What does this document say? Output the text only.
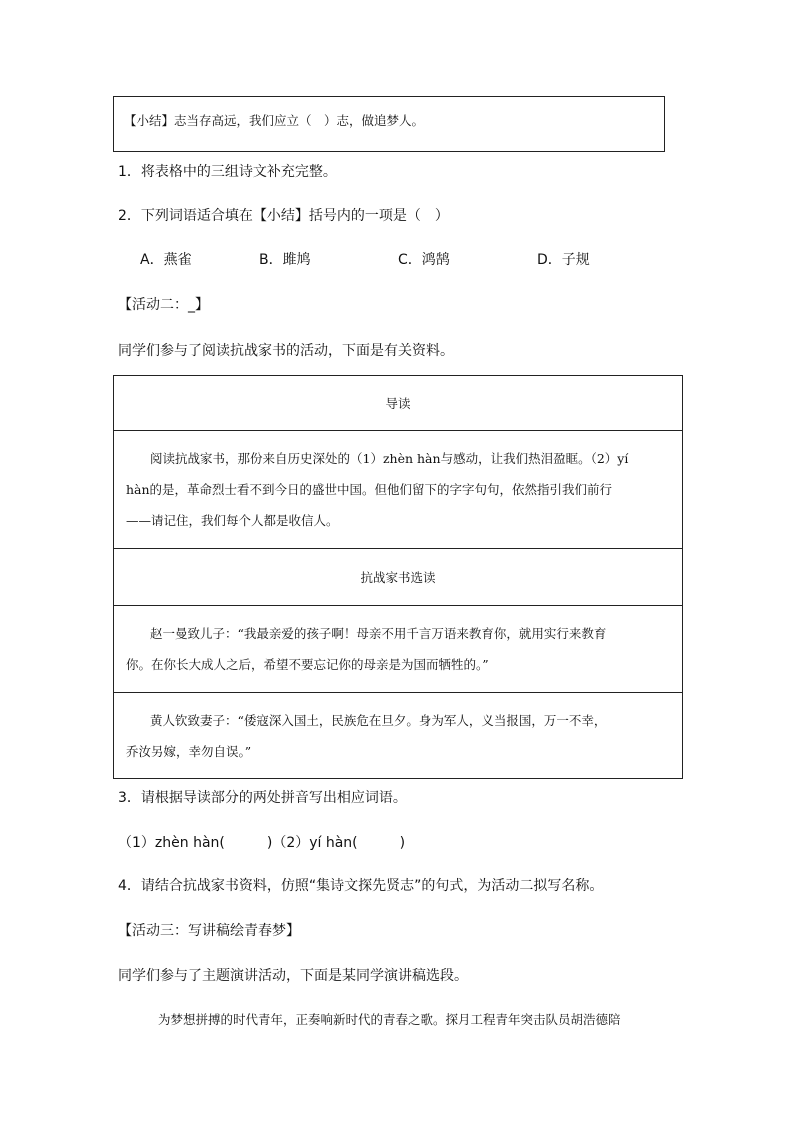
【小结】志当存高远，我们应立（　）志，做追梦人。
1．将表格中的三组诗文补充完整。
2．下列词语适合填在【小结】括号内的一项是（　）
A．燕雀	B．雎鸠	C．鸿鹄	D．子规
【活动二：_】
同学们参与了阅读抗战家书的活动，下面是有关资料。
导读

阅读抗战家书，那份来自历史深处的（1）zhèn hàn与感动，让我们热泪盈眶。（2）yí
hàn的是，革命烈士看不到今日的盛世中国。但他们留下的字字句句，依然指引我们前行
——请记住，我们每个人都是收信人。

抗战家书选读

赵一曼致儿子：“我最亲爱的孩子啊！母亲不用千言万语来教育你，就用实行来教育
你。在你长大成人之后，希望不要忘记你的母亲是为国而牺牲的。”

黄人钦致妻子：“倭寇深入国土，民族危在旦夕。身为军人，义当报国，万一不幸，
乔汝另嫁，幸勿自误。”
3．请根据导读部分的两处拼音写出相应词语。
（1）zhèn hàn(　　　)（2）yí hàn(　　　)
4．请结合抗战家书资料，仿照“集诗文探先贤志”的句式，为活动二拟写名称。
【活动三：写讲稿绘青春梦】
同学们参与了主题演讲活动，下面是某同学演讲稿选段。
为梦想拼搏的时代青年，正奏响新时代的青春之歌。探月工程青年突击队员胡浩德陪
